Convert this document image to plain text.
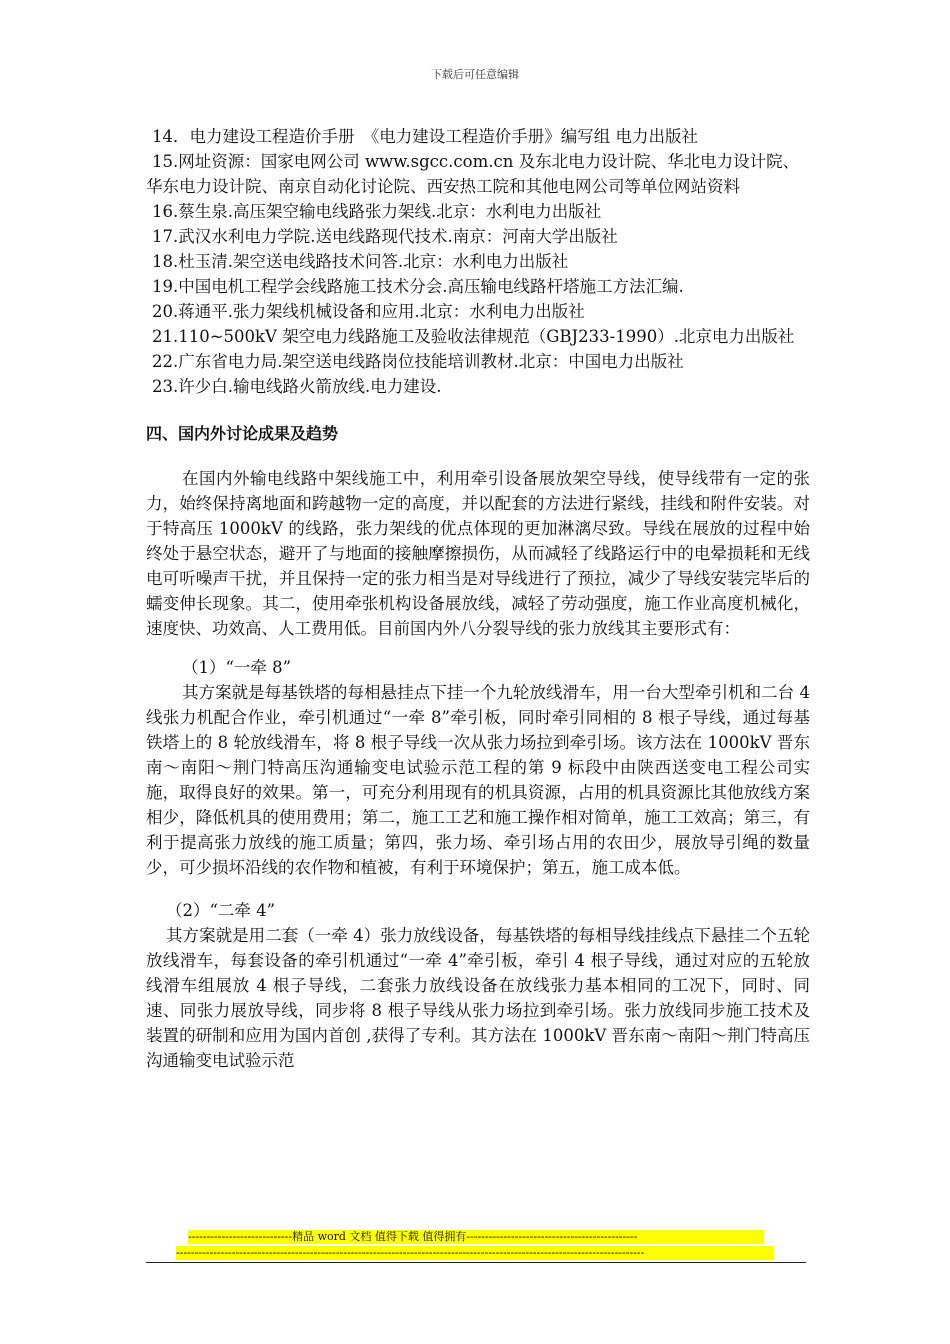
下载后可任意编辑

14．电力建设工程造价手册　《电力建设工程造价手册》编写组 电力出版社

15.网址资源：国家电网公司 www.sgcc.com.cn 及东北电力设计院、华北电力设计院、华东电力设计院、南京自动化讨论院、西安热工院和其他电网公司等单位网站资料

16.蔡生泉.高压架空输电线路张力架线.北京：水利电力出版社

17.武汉水利电力学院.送电线路现代技术.南京：河南大学出版社

18.杜玉清.架空送电线路技术问答.北京：水利电力出版社

19.中国电机工程学会线路施工技术分会.高压输电线路杆塔施工方法汇编.

20.蒋通平.张力架线机械设备和应用.北京：水利电力出版社

21.110~500kV 架空电力线路施工及验收法律规范（GBJ233-1990）.北京电力出版社

22.广东省电力局.架空送电线路岗位技能培训教材.北京：中国电力出版社

23.许少白.输电线路火箭放线.电力建设.

四、国内外讨论成果及趋势

在国内外输电线路中架线施工中，利用牵引设备展放架空导线，使导线带有一定的张力，始终保持离地面和跨越物一定的高度，并以配套的方法进行紧线，挂线和附件安装。对于特高压 1000kV 的线路，张力架线的优点体现的更加淋漓尽致。导线在展放的过程中始终处于悬空状态，避开了与地面的接触摩擦损伤，从而减轻了线路运行中的电晕损耗和无线电可听噪声干扰，并且保持一定的张力相当是对导线进行了预拉，减少了导线安装完毕后的蠕变伸长现象。其二，使用牵张机构设备展放线，减轻了劳动强度，施工作业高度机械化，速度快、功效高、人工费用低。目前国内外八分裂导线的张力放线其主要形式有：

（1）“一牵 8”

其方案就是每基铁塔的每相悬挂点下挂一个九轮放线滑车，用一台大型牵引机和二台 4 线张力机配合作业，牵引机通过“一牵 8”牵引板，同时牵引同相的 8 根子导线，通过每基铁塔上的 8 轮放线滑车，将 8 根子导线一次从张力场拉到牵引场。该方法在 1000kV 晋东南～南阳～荆门特高压沟通输变电试验示范工程的第 9 标段中由陕西送变电工程公司实施，取得良好的效果。第一，可充分利用现有的机具资源，占用的机具资源比其他放线方案相少，降低机具的使用费用；第二，施工工艺和施工操作相对简单，施工工效高；第三，有利于提高张力放线的施工质量；第四，张力场、牵引场占用的农田少，展放导引绳的数量少，可少损坏沿线的农作物和植被，有利于环境保护；第五，施工成本低。

（2）“二牵 4”

其方案就是用二套（一牵 4）张力放线设备，每基铁塔的每相导线挂线点下悬挂二个五轮放线滑车，每套设备的牵引机通过“一牵 4”牵引板，牵引 4 根子导线，通过对应的五轮放线滑车组展放 4 根子导线，二套张力放线设备在放线张力基本相同的工况下，同时、同速、同张力展放导线，同步将 8 根子导线从张力场拉到牵引场。张力放线同步施工技术及装置的研制和应用为国内首创 ,获得了专利。其方法在 1000kV 晋东南～南阳～荆门特高压沟通输变电试验示范

----------------------------精品 word 文档 值得下载 值得拥有----------------------------------------------
------------------------------------------------------------------------------------------------------------------------------
